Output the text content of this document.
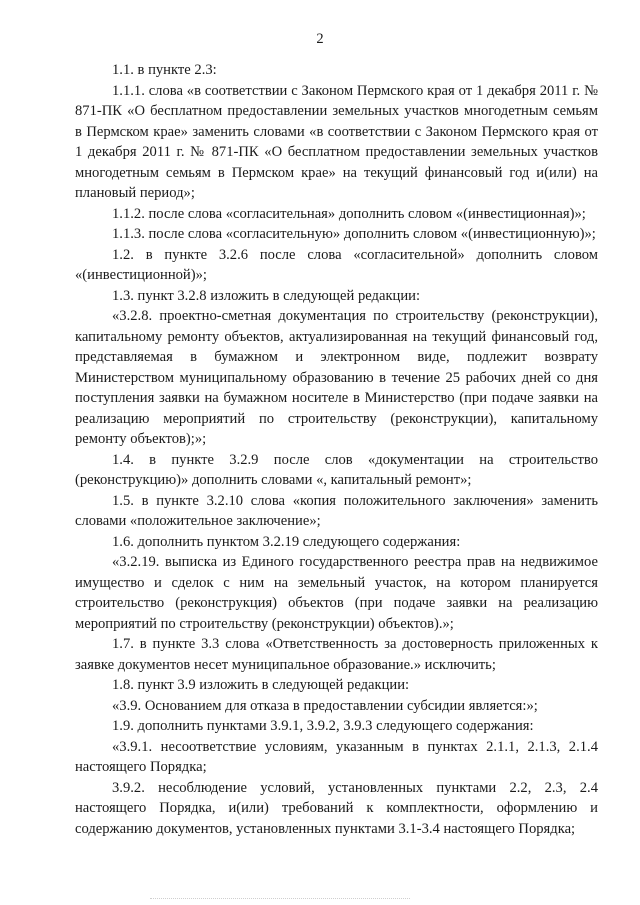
2

1.1. в пункте 2.3:

1.1.1. слова «в соответствии с Законом Пермского края от 1 декабря 2011 г. № 871-ПК «О бесплатном предоставлении земельных участков многодетным семьям в Пермском крае» заменить словами «в соответствии с Законом Пермского края от 1 декабря 2011 г. № 871-ПК «О бесплатном предоставлении земельных участков многодетным семьям в Пермском крае» на текущий финансовый год и(или) на плановый период»;

1.1.2. после слова «согласительная» дополнить словом «(инвестиционная)»;

1.1.3. после слова «согласительную» дополнить словом «(инвестиционную)»;

1.2. в пункте 3.2.6 после слова «согласительной» дополнить словом «(инвестиционной)»;

1.3. пункт 3.2.8 изложить в следующей редакции:

«3.2.8. проектно-сметная документация по строительству (реконструкции), капитальному ремонту объектов, актуализированная на текущий финансовый год, представляемая в бумажном и электронном виде, подлежит возврату Министерством муниципальному образованию в течение 25 рабочих дней со дня поступления заявки на бумажном носителе в Министерство (при подаче заявки на реализацию мероприятий по строительству (реконструкции), капитальному ремонту объектов);»;

1.4. в пункте 3.2.9 после слов «документации на строительство (реконструкцию)» дополнить словами «, капитальный ремонт»;

1.5. в пункте 3.2.10 слова «копия положительного заключения» заменить словами «положительное заключение»;

1.6. дополнить пунктом 3.2.19 следующего содержания:

«3.2.19. выписка из Единого государственного реестра прав на недвижимое имущество и сделок с ним на земельный участок, на котором планируется строительство (реконструкция) объектов (при подаче заявки на реализацию мероприятий по строительству (реконструкции) объектов).»;

1.7. в пункте 3.3 слова «Ответственность за достоверность приложенных к заявке документов несет муниципальное образование.» исключить;

1.8. пункт 3.9 изложить в следующей редакции:

«3.9. Основанием для отказа в предоставлении субсидии является:»;

1.9. дополнить пунктами 3.9.1, 3.9.2, 3.9.3 следующего содержания:

«3.9.1. несоответствие условиям, указанным в пунктах 2.1.1, 2.1.3, 2.1.4 настоящего Порядка;

3.9.2. несоблюдение условий, установленных пунктами 2.2, 2.3, 2.4 настоящего Порядка, и(или) требований к комплектности, оформлению и содержанию документов, установленных пунктами 3.1-3.4 настоящего Порядка;
